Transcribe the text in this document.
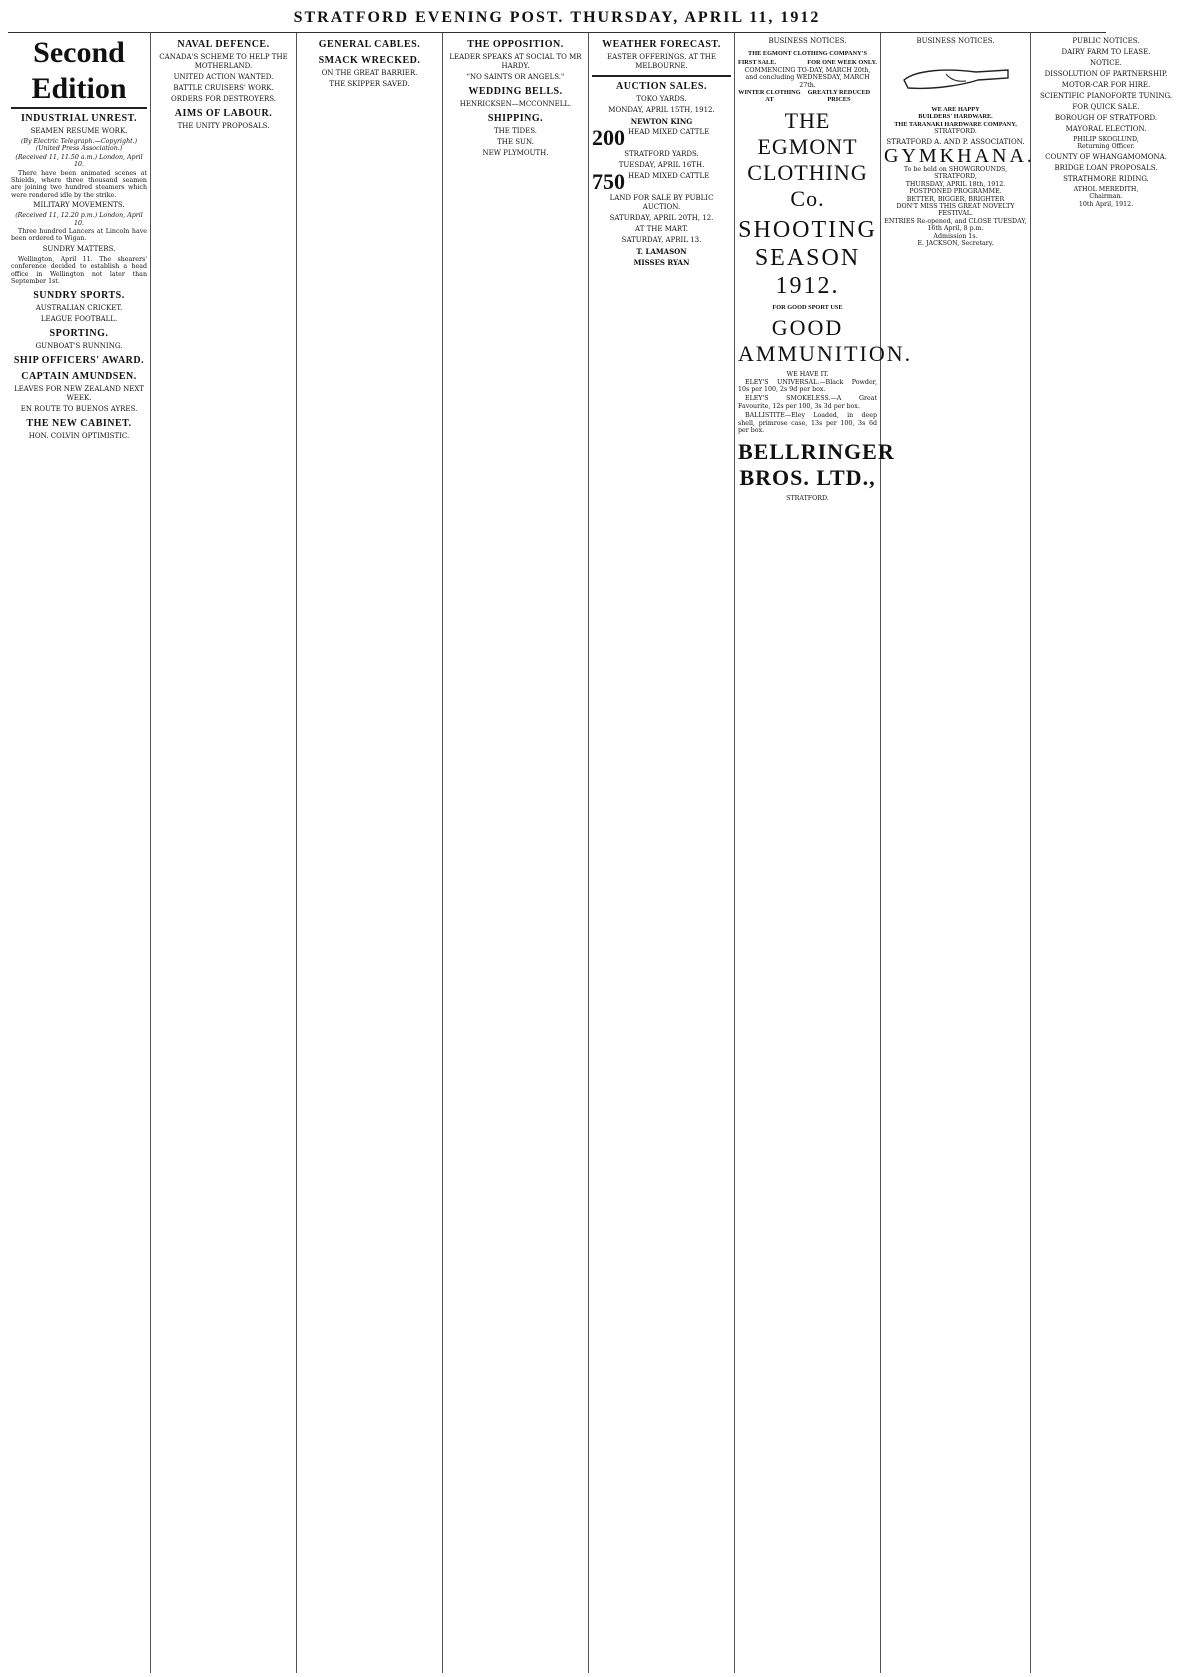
STRATFORD EVENING POST. THURSDAY, APRIL 11, 1912
Second Edition
INDUSTRIAL UNREST.
SEAMEN RESUME WORK.
(By Electric Telegraph.—Copyright.) (United Press Association.)
(Received 11, 11.50 a.m.) London, April 10.

There have been animated scenes at Shields, where three thousand seamen are joining two hundred steamers which were rendered idle by the strike.

MILITARY MOVEMENTS.
(Received 11, 12.20 p.m.) London, April 10.

Three hundred Lancers at Lincoln have been ordered to Wigan.

SUNDRY MATTERS.

Wellington, April 11. The shearers' conference decided to establish a head office in Wellington not later than September 1st.

SUNDRY SPORTS.
AUSTRALIAN CRICKET.
LEAGUE FOOTBALL.
SPORTING.
GUNBOAT'S RUNNING.
SHIP OFFICERS' AWARD.
CAPTAIN AMUNDSEN.
LEAVES FOR NEW ZEALAND NEXT WEEK.
EN ROUTE TO BUENOS AYRES.
THE NEW CABINET.
HON. COLVIN OPTIMISTIC.
NAVAL DEFENCE.
CANADA'S SCHEME TO HELP THE MOTHERLAND.
UNITED ACTION WANTED.
BATTLE CRUISERS' WORK.
ORDERS FOR DESTROYERS.
AIMS OF LABOUR.
THE UNITY PROPOSALS.
GENERAL CABLES.
SMACK WRECKED.
ON THE GREAT BARRIER.
THE SKIPPER SAVED.
THE OPPOSITION.
LEADER SPEAKS AT SOCIAL TO MR HARDY.
"NO SAINTS OR ANGELS."
WEDDING BELLS.
HENRICKSEN—MCCONNELL.
SHIPPING.
THE TIDES.
THE SUN.
NEW PLYMOUTH.
WEATHER FORECAST.
EASTER OFFERINGS. AT THE MELBOURNE.
AUCTION SALES.
TOKO YARDS.
MONDAY, APRIL 15TH, 1912.
NEWTON KING
200 HEAD MIXED CATTLE
STRATFORD YARDS.
TUESDAY, APRIL 16TH.
750 HEAD MIXED CATTLE
LAND FOR SALE BY PUBLIC AUCTION.
SATURDAY, APRIL 20TH, 12.
AT THE MART.
SATURDAY, APRIL 13.
T. LAMASON
MISSES RYAN
BUSINESS NOTICES.
THE EGMONT CLOTHING COMPANY'S
FIRST SALE.	FOR ONE WEEK ONLY.
COMMENCING TO-DAY, MARCH 20th, and concluding WEDNESDAY, MARCH 27th.
WINTER CLOTHING AT
GREATLY REDUCED PRICES
THE EGMONT CLOTHING Co.
SHOOTING SEASON 1912.
FOR GOOD SPORT USE
GOOD AMMUNITION.
WE HAVE IT.

ELEY'S UNIVERSAL.—Black Powder, 10s per 100, 2s 9d per box.

ELEY'S SMOKELESS.—A Great Favourite, 12s per 100, 3s 3d per box.

BALLISTITE—Eley Loaded, in deep shell, primrose case, 13s per 100, 3s 6d per box.

BELLRINGER BROS. LTD.,
STRATFORD.
BUSINESS NOTICES.
WE ARE HAPPY
BUILDERS' HARDWARE.
THE TARANAKI HARDWARE COMPANY,
STRATFORD.
STRATFORD A. AND P. ASSOCIATION.
GYMKHANA.
To be held on SHOWGROUNDS, STRATFORD,
THURSDAY, APRIL 18th, 1912.
POSTPONED PROGRAMME.
BETTER, BIGGER, BRIGHTER
DON'T MISS THIS GREAT NOVELTY FESTIVAL.
ENTRIES Re-opened, and CLOSE TUESDAY, 16th April, 8 p.m.
Admission 1s.
E. JACKSON, Secretary.
PUBLIC NOTICES.
DAIRY FARM TO LEASE.
NOTICE.
DISSOLUTION OF PARTNERSHIP.
MOTOR-CAR FOR HIRE.
SCIENTIFIC PIANOFORTE TUNING.
FOR QUICK SALE.
BOROUGH OF STRATFORD.
MAYORAL ELECTION.
PHILIP SKOGLUND,
Returning Officer.
COUNTY OF WHANGAMOMONA.
BRIDGE LOAN PROPOSALS.
STRATHMORE RIDING.
ATHOL MEREDITH,
Chairman.
10th April, 1912.
